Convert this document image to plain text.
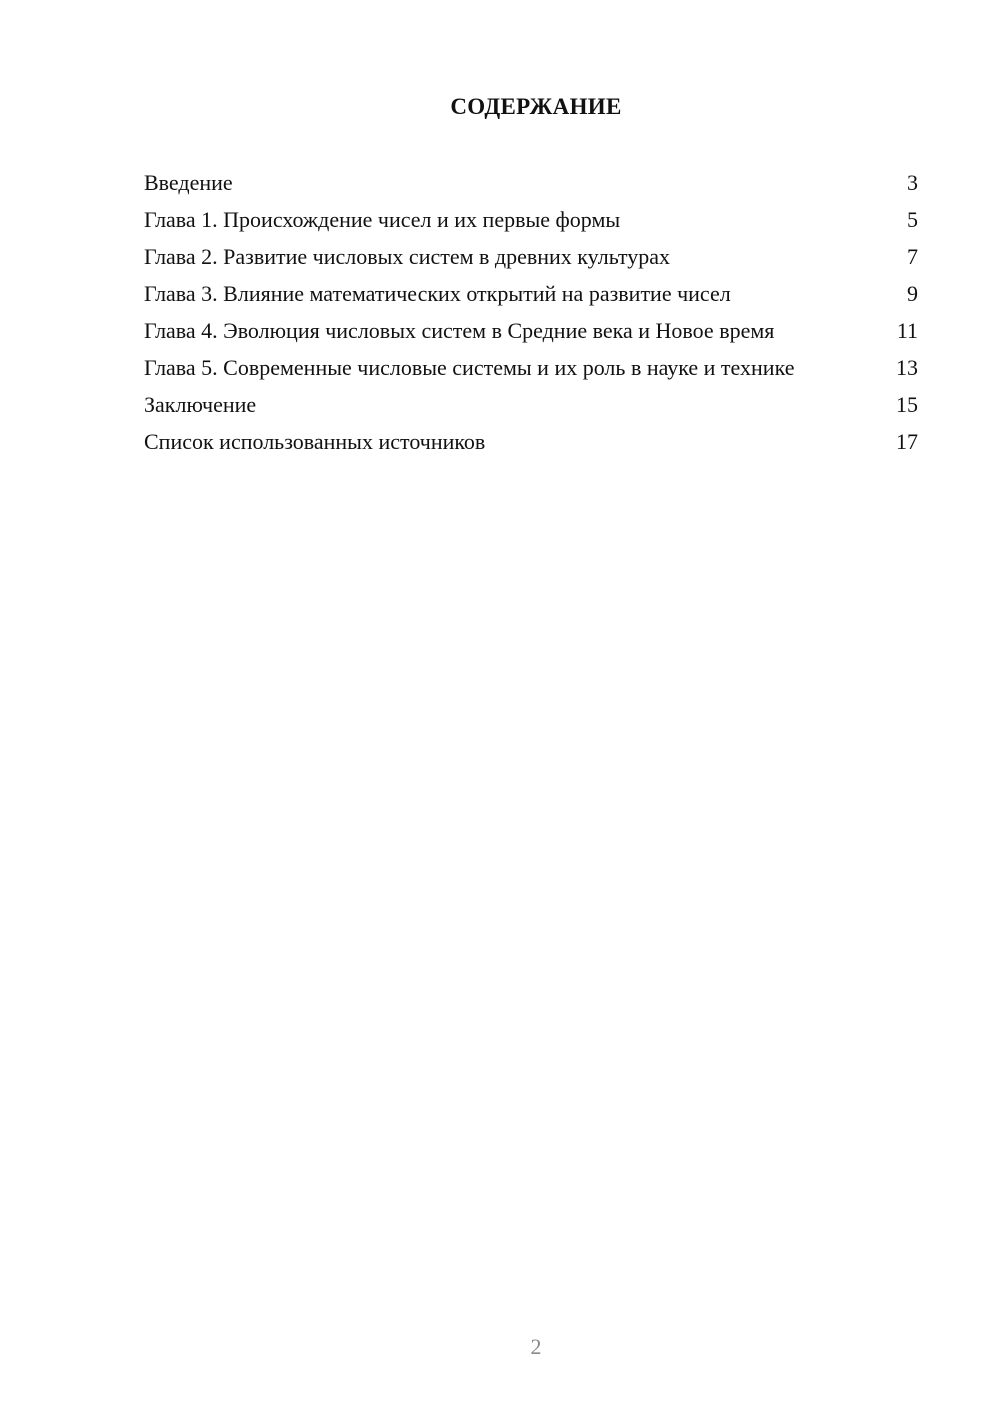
СОДЕРЖАНИЕ
Введение	3
Глава 1. Происхождение чисел и их первые формы	5
Глава 2. Развитие числовых систем в древних культурах	7
Глава 3. Влияние математических открытий на развитие чисел	9
Глава 4. Эволюция числовых систем в Средние века и Новое время	11
Глава 5. Современные числовые системы и их роль в науке и технике	13
Заключение	15
Список использованных источников	17
2
